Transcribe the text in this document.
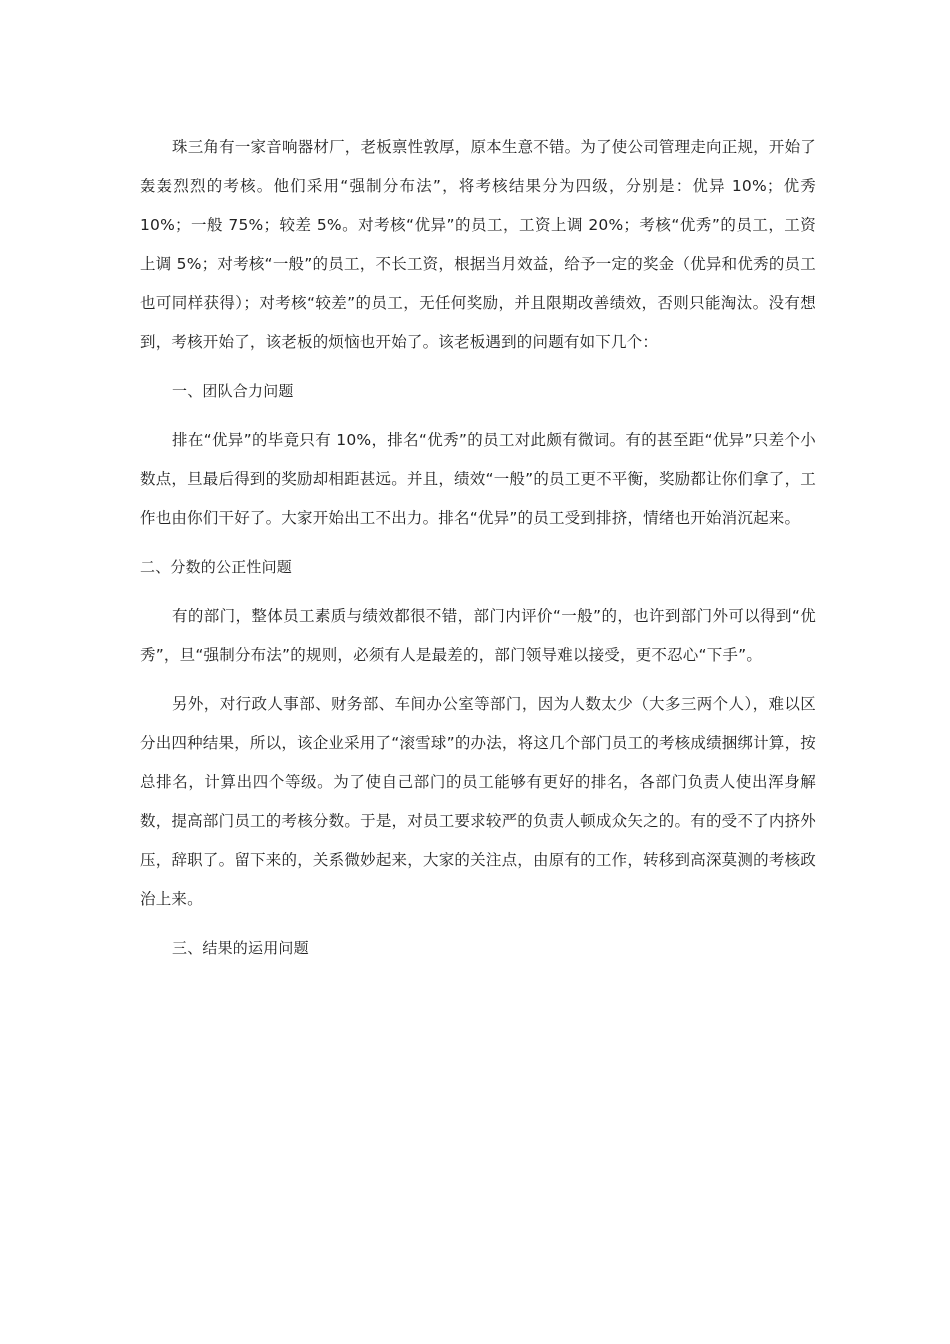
珠三角有一家音响器材厂，老板禀性敦厚，原本生意不错。为了使公司管理走向正规，开始了轰轰烈烈的考核。他们采用“强制分布法”，将考核结果分为四级，分别是：优异 10%；优秀 10%；一般 75%；较差 5%。对考核“优异”的员工，工资上调 20%；考核“优秀”的员工，工资上调 5%；对考核“一般”的员工，不长工资，根据当月效益，给予一定的奖金（优异和优秀的员工也可同样获得）；对考核“较差”的员工，无任何奖励，并且限期改善绩效，否则只能淘汰。没有想到，考核开始了，该老板的烦恼也开始了。该老板遇到的问题有如下几个：

一、团队合力问题

排在“优异”的毕竟只有 10%，排名“优秀”的员工对此颇有微词。有的甚至距“优异”只差个小数点，旦最后得到的奖励却相距甚远。并且，绩效“一般”的员工更不平衡，奖励都让你们拿了，工作也由你们干好了。大家开始出工不出力。排名“优异”的员工受到排挤，情绪也开始消沉起来。

二、分数的公正性问题

有的部门，整体员工素质与绩效都很不错，部门内评价“一般”的，也许到部门外可以得到“优秀”，旦“强制分布法”的规则，必须有人是最差的，部门领导难以接受，更不忍心“下手”。

另外，对行政人事部、财务部、车间办公室等部门，因为人数太少（大多三两个人），难以区分出四种结果，所以，该企业采用了“滚雪球”的办法，将这几个部门员工的考核成绩捆绑计算，按总排名，计算出四个等级。为了使自己部门的员工能够有更好的排名，各部门负责人使出浑身解数，提高部门员工的考核分数。于是，对员工要求较严的负责人顿成众矢之的。有的受不了内挤外压，辞职了。留下来的，关系微妙起来，大家的关注点，由原有的工作，转移到高深莫测的考核政治上来。

三、结果的运用问题
